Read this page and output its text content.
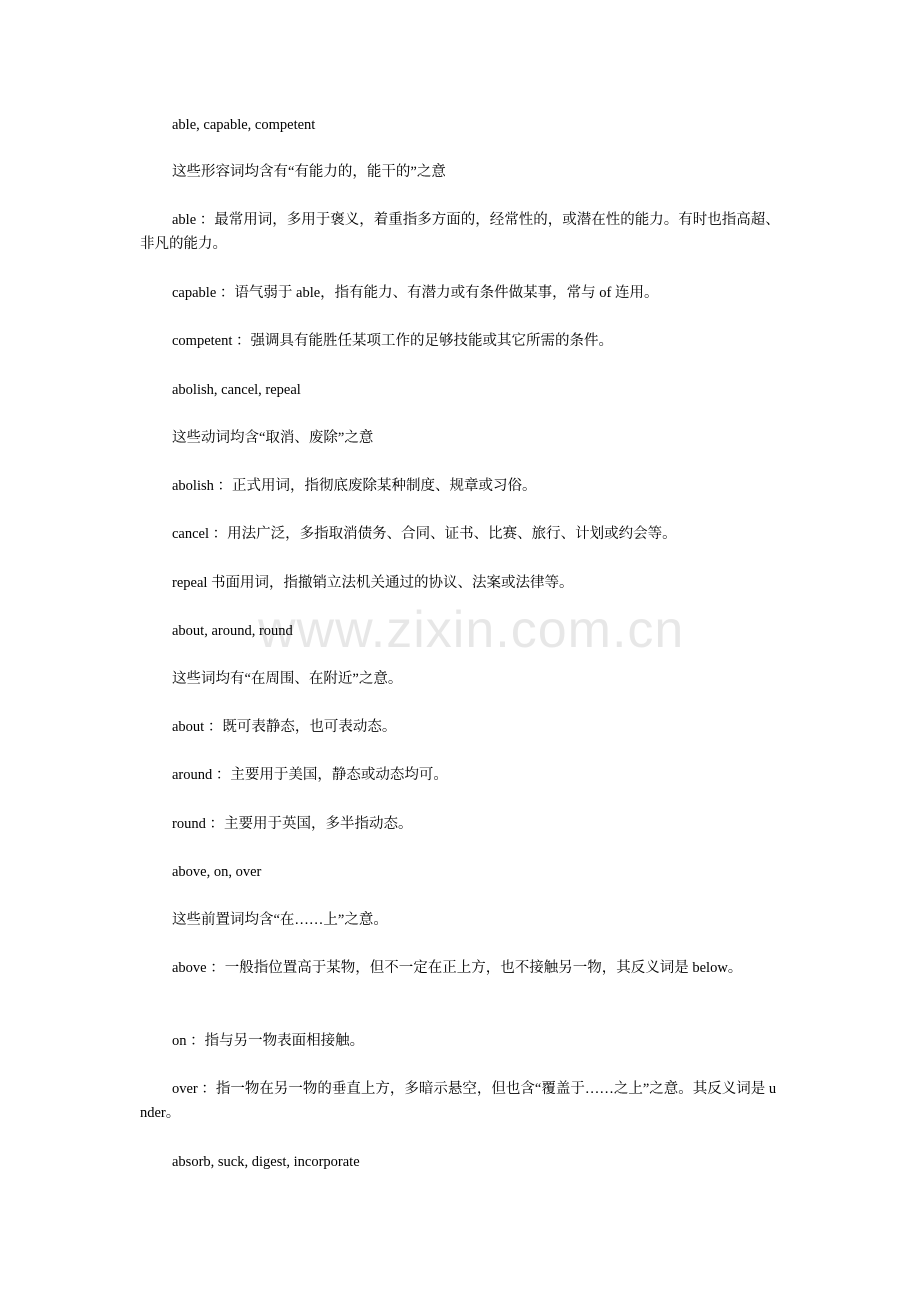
able, capable, competent

这些形容词均含有“有能力的，能干的”之意

able ：最常用词，多用于褒义，着重指多方面的，经常性的，或潜在性的能力。有时也指高超、非凡的能力。

capable ：语气弱于 able，指有能力、有潜力或有条件做某事，常与 of 连用。

competent ：强调具有能胜任某项工作的足够技能或其它所需的条件。

abolish, cancel, repeal

这些动词均含“取消、废除”之意

abolish ：正式用词，指彻底废除某种制度、规章或习俗。

cancel ：用法广泛，多指取消债务、合同、证书、比赛、旅行、计划或约会等。

repeal 书面用词，指撤销立法机关通过的协议、法案或法律等。

about, around, round

这些词均有“在周围、在附近”之意。

about ：既可表静态，也可表动态。

around ：主要用于美国，静态或动态均可。

round ：主要用于英国，多半指动态。

above, on, over

这些前置词均含“在……上”之意。

above ：一般指位置高于某物，但不一定在正上方，也不接触另一物，其反义词是 below。

on ：指与另一物表面相接触。

over ：指一物在另一物的垂直上方，多暗示悬空，但也含“覆盖于……之上”之意。其反义词是 under。

absorb, suck, digest, incorporate

www.zixin.com.cn
